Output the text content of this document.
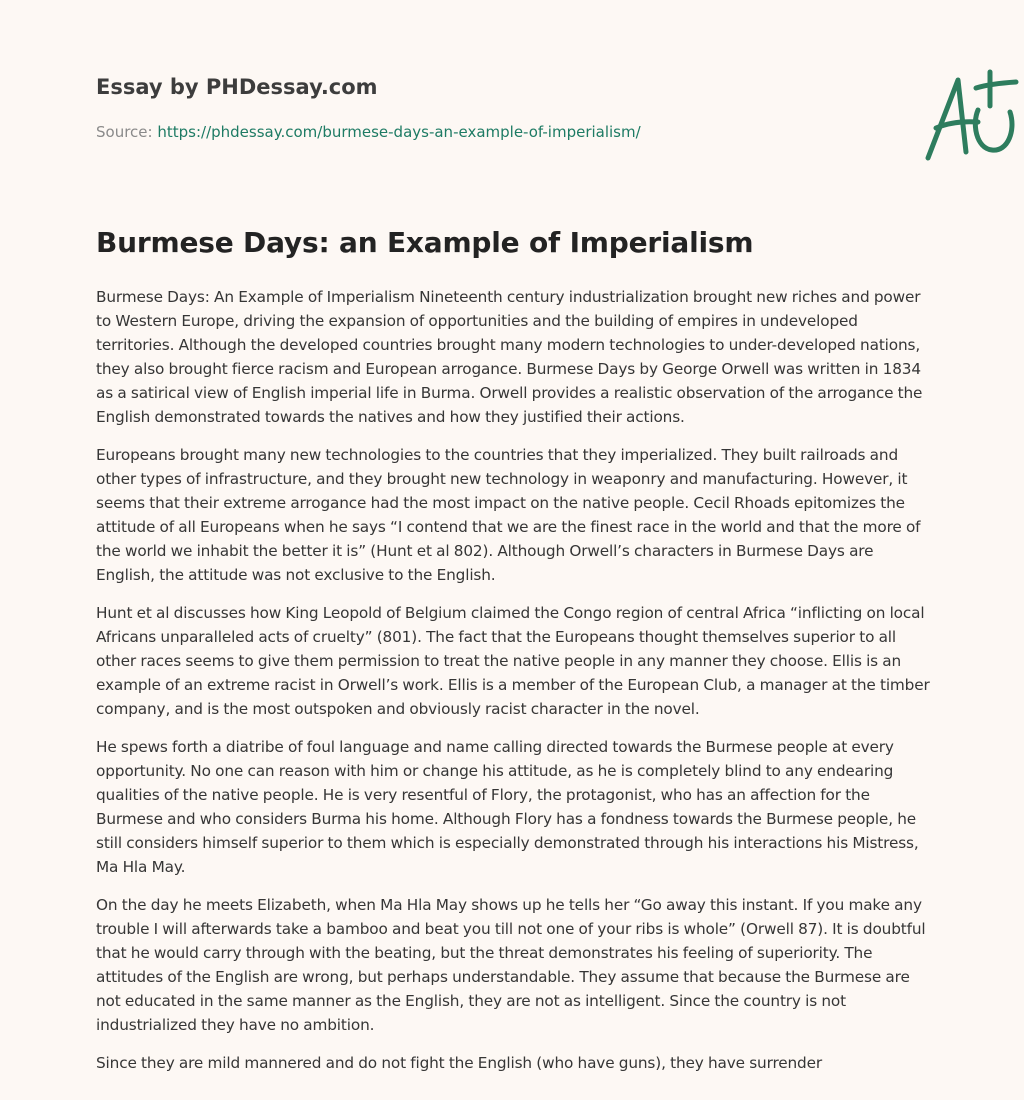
Essay by PHDessay.com
Source: https://phdessay.com/burmese-days-an-example-of-imperialism/
Burmese Days: an Example of Imperialism

Burmese Days: An Example of Imperialism Nineteenth century industrialization brought new riches and power to Western Europe, driving the expansion of opportunities and the building of empires in undeveloped territories. Although the developed countries brought many modern technologies to under-developed nations, they also brought fierce racism and European arrogance. Burmese Days by George Orwell was written in 1834 as a satirical view of English imperial life in Burma. Orwell provides a realistic observation of the arrogance the English demonstrated towards the natives and how they justified their actions.

Europeans brought many new technologies to the countries that they imperialized. They built railroads and other types of infrastructure, and they brought new technology in weaponry and manufacturing. However, it seems that their extreme arrogance had the most impact on the native people. Cecil Rhoads epitomizes the attitude of all Europeans when he says “I contend that we are the finest race in the world and that the more of the world we inhabit the better it is” (Hunt et al 802). Although Orwell’s characters in Burmese Days are English, the attitude was not exclusive to the English.

Hunt et al discusses how King Leopold of Belgium claimed the Congo region of central Africa “inflicting on local Africans unparalleled acts of cruelty” (801). The fact that the Europeans thought themselves superior to all other races seems to give them permission to treat the native people in any manner they choose. Ellis is an example of an extreme racist in Orwell’s work. Ellis is a member of the European Club, a manager at the timber company, and is the most outspoken and obviously racist character in the novel.

He spews forth a diatribe of foul language and name calling directed towards the Burmese people at every opportunity. No one can reason with him or change his attitude, as he is completely blind to any endearing qualities of the native people. He is very resentful of Flory, the protagonist, who has an affection for the Burmese and who considers Burma his home. Although Flory has a fondness towards the Burmese people, he still considers himself superior to them which is especially demonstrated through his interactions his Mistress, Ma Hla May.

On the day he meets Elizabeth, when Ma Hla May shows up he tells her “Go away this instant. If you make any trouble I will afterwards take a bamboo and beat you till not one of your ribs is whole” (Orwell 87). It is doubtful that he would carry through with the beating, but the threat demonstrates his feeling of superiority. The attitudes of the English are wrong, but perhaps understandable. They assume that because the Burmese are not educated in the same manner as the English, they are not as intelligent. Since the country is not industrialized they have no ambition.

Since they are mild mannered and do not fight the English (who have guns), they have surrender
